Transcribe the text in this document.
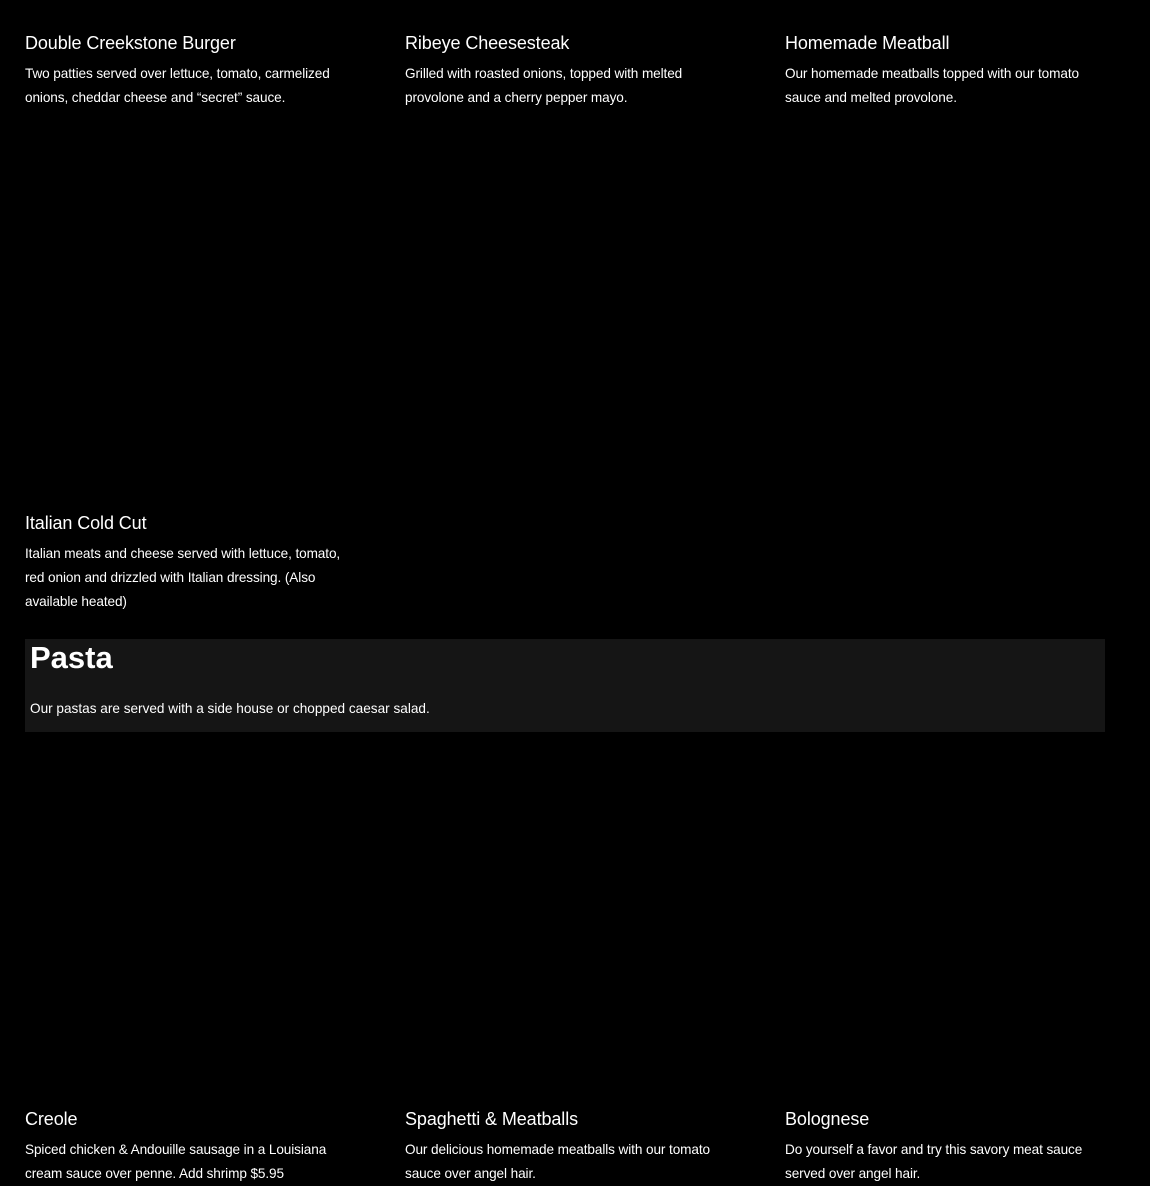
Double Creekstone Burger

Two patties served over lettuce, tomato, carmelized onions, cheddar cheese and “secret” sauce.

Ribeye Cheesesteak

Grilled with roasted onions, topped with melted provolone and a cherry pepper mayo.

Homemade Meatball

Our homemade meatballs topped with our tomato sauce and melted provolone.

Italian Cold Cut

Italian meats and cheese served with lettuce, tomato, red onion and drizzled with Italian dressing. (Also available heated)

Pasta

Our pastas are served with a side house or chopped caesar salad.

Creole

Spiced chicken & Andouille sausage in a Louisiana cream sauce over penne. Add shrimp $5.95

Spaghetti & Meatballs

Our delicious homemade meatballs with our tomato sauce over angel hair.

Bolognese

Do yourself a favor and try this savory meat sauce served over angel hair.
